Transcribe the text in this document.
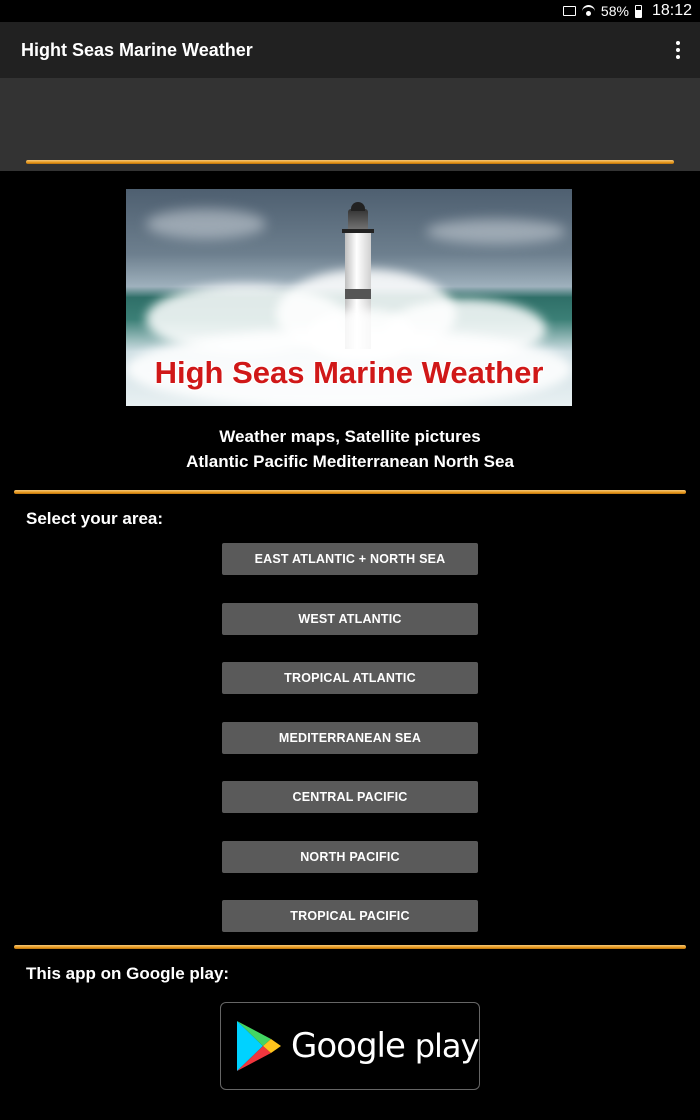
58% 18:12
Hight Seas Marine Weather
High Seas Marine Weather
Weather maps, Satellite pictures
Atlantic Pacific Mediterranean North Sea
Select your area:
EAST ATLANTIC + NORTH SEA
WEST ATLANTIC
TROPICAL ATLANTIC
MEDITERRANEAN SEA
CENTRAL PACIFIC
NORTH PACIFIC
TROPICAL PACIFIC
This app on Google play:
Google play
